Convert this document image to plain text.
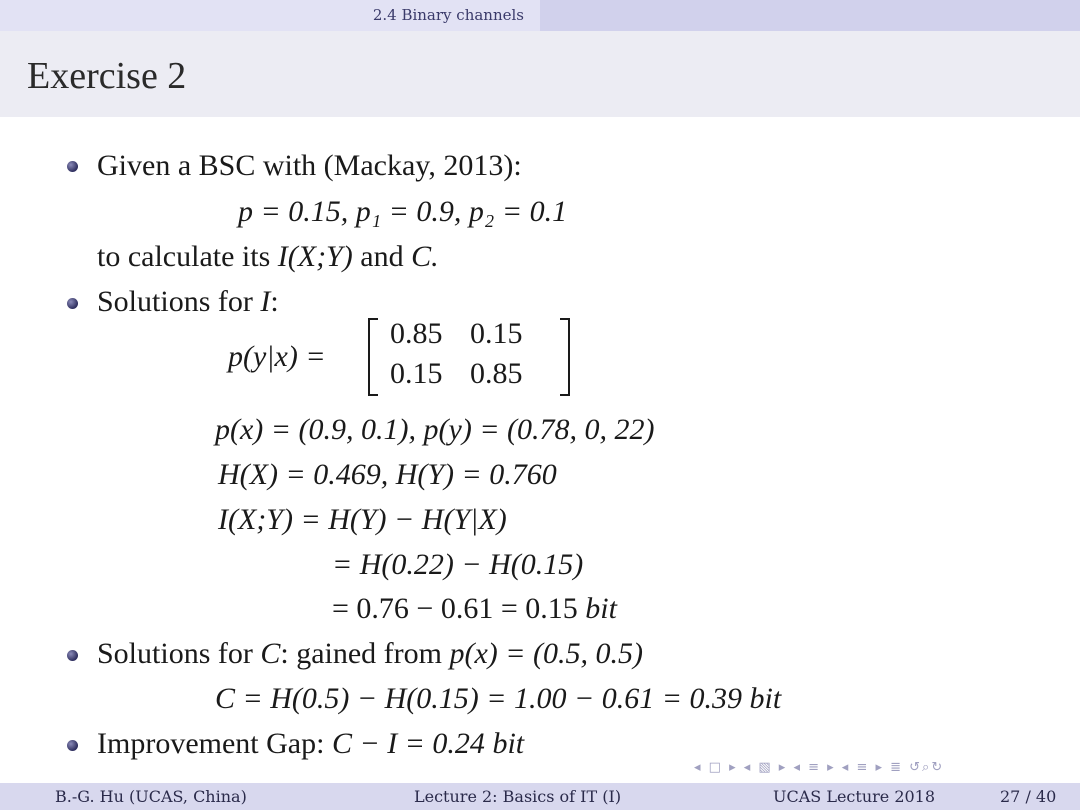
2.4 Binary channels
Exercise 2
Given a BSC with (Mackay, 2013):
p = 0.15, p₁ = 0.9, p₂ = 0.1
to calculate its I(X;Y) and C.
Solutions for I:
p(y|x) =
0.85 0.15
0.15 0.85
p(x) = (0.9, 0.1), p(y) = (0.78, 0, 22)
H(X) = 0.469, H(Y) = 0.760
I(X;Y) = H(Y) − H(Y|X)
= H(0.22) − H(0.15)
= 0.76 − 0.61 = 0.15 bit
Solutions for C: gained from p(x) = (0.5, 0.5)
C = H(0.5) − H(0.15) = 1.00 − 0.61 = 0.39 bit
Improvement Gap: C − I = 0.24 bit
◂ □ ▸ ◂ ▧ ▸ ◂ ≡ ▸ ◂ ≡ ▸ ≣ ↺⌕↻
B.-G. Hu (UCAS, China)	Lecture 2: Basics of IT (I)	UCAS Lecture 2018	27 / 40
